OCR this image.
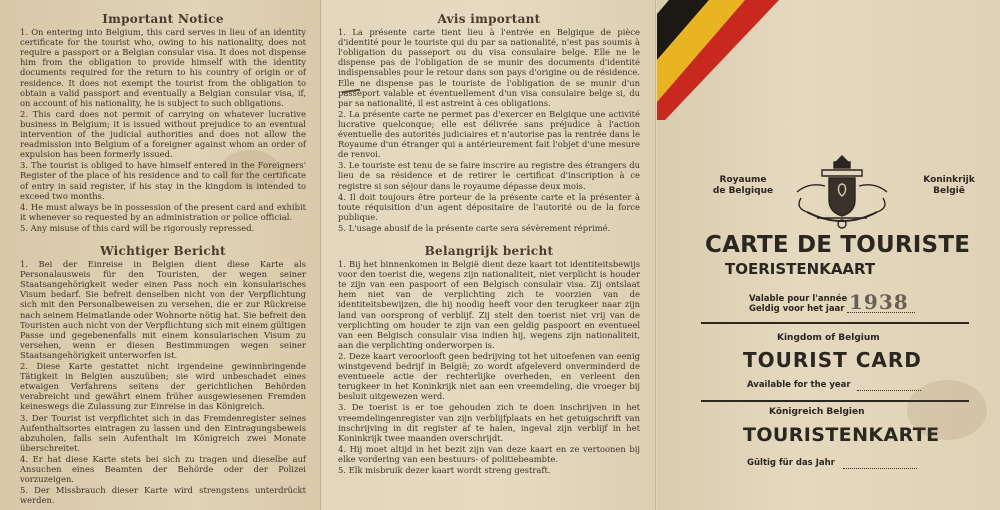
Important Notice
1. On entering into Belgium, this card serves in lieu of an identity certificate for the tourist who, owing to his nationality, does not require a passport or a Belgian consular visa. It does not dispense him from the obligation to provide himself with the identity documents required for the return to his country of origin or of residence. It does not exempt the tourist from the obligation to obtain a valid passport and eventually a Belgian consular visa, if, on account of his nationality, he is subject to such obligations.
2. This card does not permit of carrying on whatever lucrative business in Belgium; it is issued without prejudice to an eventual intervention of the judicial authorities and does not allow the readmission into Belgium of a foreigner against whom an order of expulsion has been formerly issued.
3. The tourist is obliged to have himself entered in the Foreigners' Register of the place of his residence and to call for the certificate of entry in said register, if his stay in the kingdom is intended to exceed two months.
4. He must always be in possession of the present card and exhibit it whenever so requested by an administration or police official.
5. Any misuse of this card will be rigorously repressed.
Wichtiger Bericht
1. Bei der Einreise in Belgien dient diese Karte als Personalausweis für den Touristen, der wegen seiner Staatsangehörigkeit weder einen Pass noch ein konsularisches Visum bedarf. Sie befreit denselben nicht von der Verpflichtung sich mit den Personalbeweisen zu versehen, die er zur Rückreise nach seinem Heimatlande oder Wohnorte nötig hat. Sie befreit den Touristen auch nicht von der Verpflichtung sich mit einem gültigen Passe und gegebenenfalls mit einem konsularischen Visum zu versehen, wenn er diesen Bestimmungen wegen seiner Staatsangehörigkeit unterworfen ist.
2. Diese Karte gestattet nicht irgendeine gewinnbringende Tätigkeit in Belgien auszuüben; sie wird unbeschadet eines etwaigen Verfahrens seitens der gerichtlichen Behörden verabreicht und gewährt einem früher ausgewiesenen Fremden keineswegs die Zulassung zur Einreise in das Königreich.
3. Der Tourist ist verpflichtet sich in das Fremdenregister seines Aufenthaltsortes eintragen zu lassen und den Eintragungsbeweis abzuholen, falls sein Aufenthalt im Königreich zwei Monate überschreitet.
4. Er hat diese Karte stets bei sich zu tragen und dieselbe auf Ansuchen eines Beamten der Behörde oder der Polizei vorzuzeigen.
5. Der Missbrauch dieser Karte wird strengstens unterdrückt werden.
Avis important
1. La présente carte tient lieu à l'entrée en Belgique de pièce d'identité pour le touriste qui du par sa nationalité, n'est pas soumis à l'obligation du passeport ou du visa consulaire belge. Elle ne le dispense pas de l'obligation de se munir des documents d'identité indispensables pour le retour dans son pays d'origine ou de résidence. Elle ne dispense pas le touriste de l'obligation de se munir d'un passeport valable et éventuellement d'un visa consulaire belge si, du par sa nationalité, il est astreint à ces obligations.
2. La présente carte ne permet pas d'exercer en Belgique une activité lucrative quelconque; elle est délivrée sans préjudice à l'action éventuelle des autorités judiciaires et n'autorise pas la rentrée dans le Royaume d'un étranger qui a antérieurement fait l'objet d'une mesure de renvoi.
3. Le touriste est tenu de se faire inscrire au registre des étrangers du lieu de sa résidence et de retirer le certificat d'inscription à ce registre si son séjour dans le royaume dépasse deux mois.
4. Il doit toujours être porteur de la présente carte et la présenter à toute réquisition d'un agent dépositaire de l'autorité ou de la force publique.
5. L'usage abusif de la présente carte sera sévèrement réprimé.
Belangrijk bericht
1. Bij het binnenkomen in België dient deze kaart tot identiteitsbewijs voor den toerist die, wegens zijn nationaliteit, niet verplicht is houder te zijn van een paspoort of een Belgisch consulair visa. Zij ontslaat hem niet van de verplichting zich te voorzien van de identiteitsbewijzen, die hij noodig heeft voor den terugkeer naar zijn land van oorsprong of verblijf. Zij stelt den toerist niet vrij van de verplichting om houder te zijn van een geldig paspoort en eventueel van een Belgisch consulair visa indien hij, wegens zijn nationaliteit, aan die verplichting onderworpen is.
2. Deze kaart veroorlooft geen bedrijving tot het uitoefenen van eenig winstgevend bedrijf in België; zo wordt afgeleverd onverminderd de eventueele actie der rechterlijke overheden, en verleent den terugkeer in het Koninkrijk niet aan een vreemdeling, die vroeger bij besluit uitgewezen werd.
3. De toerist is er toe gehouden zich te doen inschrijven in het vreemdelingenregister van zijn verblijfplaats en het getuigschrift van inschrijving in dit register af te halen, ingeval zijn verblijf in het Koninkrijk twee maanden overschrijdt.
4. Hij moet altijd in het bezit zijn van deze kaart en ze vertoonen bij elke vordering van een bestuurs- of politiebeambte.
5. Elk misbruik dezer kaart wordt streng gestraft.
Royaume
de Belgique
Koninkrijk
België
CARTE DE TOURISTE
TOERISTENKAART
Valable pour l'année
Geldig voor het jaar 1938
Kingdom of Belgium
TOURIST CARD
Available for the year
Königreich Belgien
TOURISTENKARTE
Gültig für das Jahr
